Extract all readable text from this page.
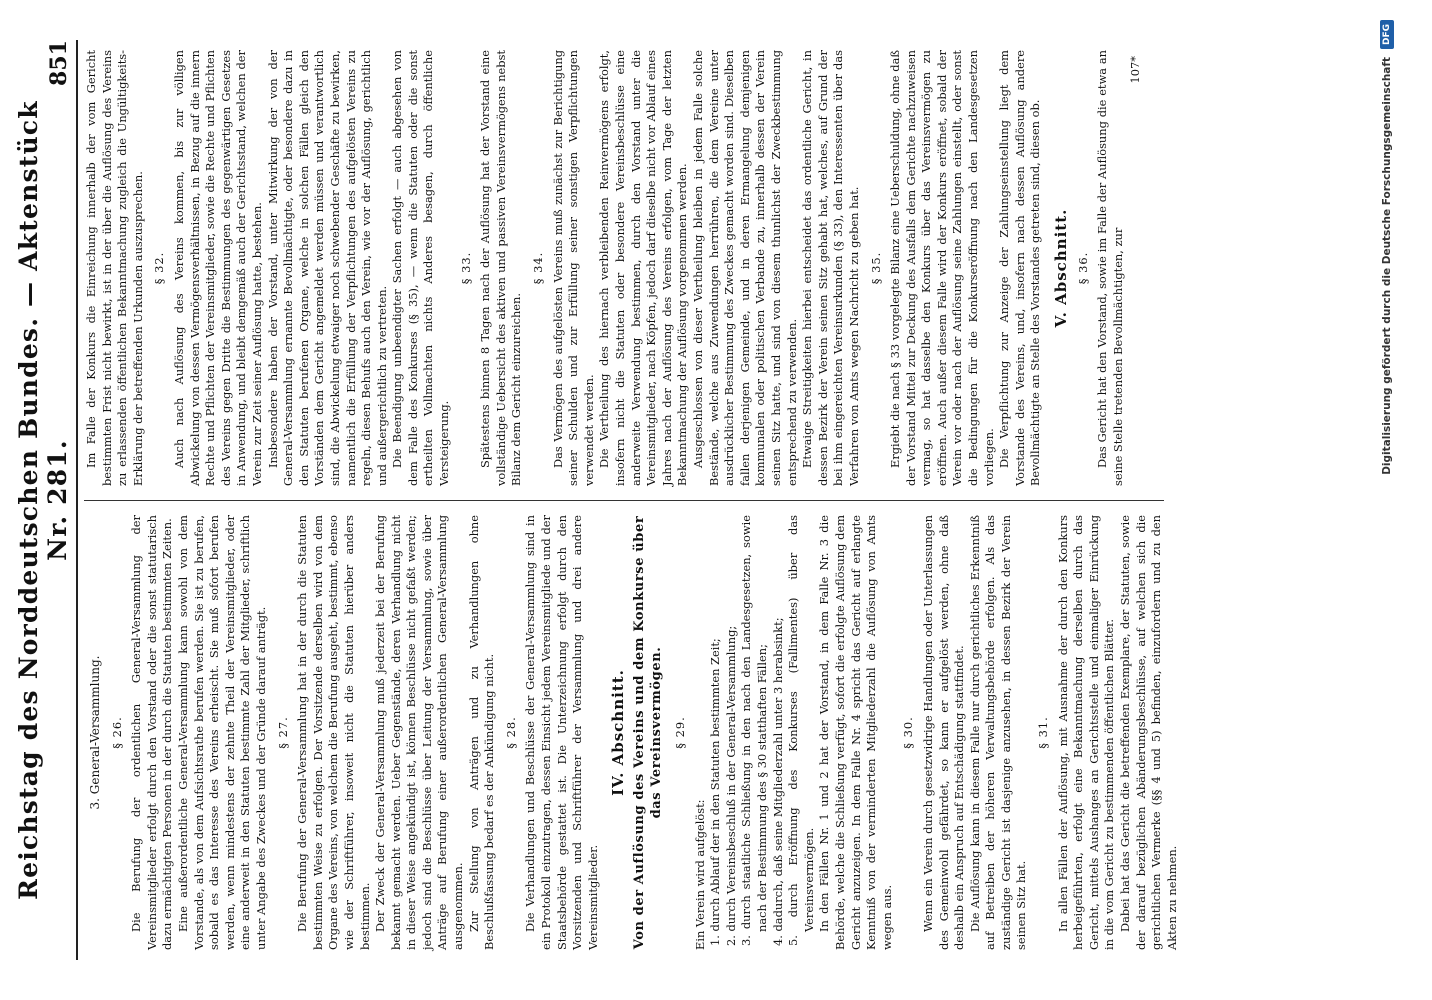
Reichstag des Norddeutschen Bundes. — Aktenstück Nr. 281.
851
3. General-Versammlung. § 26. Die Berufung der ordentlichen General-Versammlung der Vereinsmitglieder erfolgt durch den Vorstand oder die sonst statutarisch dazu ermächtigten Personen in der durch die Statuten bestimmten Zeiten. Eine außerordentliche General-Versammlung kann sowohl von dem Vorstande, als von dem Aufsichtsrathe berufen werden. Sie ist zu berufen, sobald es das Interesse des Vereins erheischt. Sie muß sofort berufen werden, wenn mindestens der zehnte Theil der Vereinsmitglieder, oder eine anderweit in den Statuten bestimmte Zahl der Mitglieder, schriftlich unter Angabe des Zweckes und der Gründe darauf anträgt. § 27. Die Berufung der General-Versammlung hat in der durch die Statuten bestimmten Weise zu erfolgen. Der Vorsitzende derselben wird von dem Organe des Vereins, von welchem die Berufung ausgeht, bestimmt, ebenso wie der Schriftführer, insoweit nicht die Statuten hierüber anders bestimmen. Der Zweck der General-Versammlung muß jederzeit bei der Berufung bekannt gemacht werden. Ueber Gegenstände, deren Verhandlung nicht in dieser Weise angekündigt ist, können Beschlüsse nicht gefaßt werden; jedoch sind die Beschlüsse über Leitung der Versammlung, sowie über Anträge auf Berufung einer außerordentlichen General-Versammlung ausgenommen. Zur Stellung von Anträgen und zu Verhandlungen ohne Beschlußfassung bedarf es der Ankündigung nicht. § 28. Die Verhandlungen und Beschlüsse der General-Versammlung sind in ein Protokoll einzutragen, dessen Einsicht jedem Vereinsmitgliede und der Staatsbehörde gestattet ist. Die Unterzeichnung erfolgt durch den Vorsitzenden und Schriftführer der Versammlung und drei andere Vereinsmitglieder.

IV. Abschnitt. Von der Auflösung des Vereins und dem Konkurse über das Vereinsvermögen. § 29.

Ein Verein wird aufgelöst: 1. durch Ablauf der in den Statuten bestimmten Zeit; 2. durch Vereinsbeschluß in der General-Versammlung; 3. durch staatliche Schließung in den nach den Landesgesetzen, sowie nach der Bestimmung des § 30 statthaften Fällen; 4. dadurch, daß seine Mitgliederzahl unter 3 herabsinkt; 5. durch Eröffnung des Konkurses (Fallimentes) über das Vereinsvermögen. In den Fällen Nr. 1 und 2 hat der Vorstand, in dem Falle Nr. 3 die Behörde, welche die Schließung verfügt, sofort die erfolgte Auflösung dem Gericht anzuzeigen. In dem Falle Nr. 4 spricht das Gericht auf erlangte Kenntniß von der verminderten Mitgliederzahl die Auflösung von Amts wegen aus.

§ 30. Wenn ein Verein durch gesetzwidrige Handlungen oder Unterlassungen des Gemeinwohl gefährdet, so kann er aufgelöst werden, ohne daß deshalb ein Anspruch auf Entschädigung stattfindet. Die Auflösung kann in diesem Falle nur durch gerichtliches Erkenntniß auf Betreiben der höheren Verwaltungsbehörde erfolgen. Als das zuständige Gericht ist dasjenige anzusehen, in dessen Bezirk der Verein seinen Sitz hat.

§ 31. In allen Fällen der Auflösung, mit Ausnahme der durch den Konkurs herbeigeführten, erfolgt eine Bekanntmachung derselben durch das Gericht, mittels Aushanges an Gerichtsstelle und einmaliger Einrückung in die vom Gericht zu bestimmenden öffentlichen Blätter. Dabei hat das Gericht die betreffenden Exemplare, der Statuten, sowie der darauf bezüglichen Abänderungsbeschlüsse, auf welchen sich die gerichtlichen Vermerke (§§ 4 und 5) befinden, einzufordern und zu den Akten zu nehmen.

Im Falle der Konkurs die Einreichung innerhalb der vom Gericht bestimmten Frist nicht bewirkt, ist in der über die Auflösung des Vereins zu erlassenden öffentlichen Bekanntmachung zugleich die Ungültigkeits-Erklärung der betreffenden Urkunden auszusprechen. § 32. Auch nach Auflösung des Vereins kommen, bis zur völligen Abwickelung von dessen Vermögensverhältnissen, in Bezug auf die innern Rechte und Pflichten der Vereinsmitglieder, sowie die Rechte und Pflichten des Vereins gegen Dritte die Bestimmungen des gegenwärtigen Gesetzes in Anwendung, und bleibt demgemäß auch der Gerichtsstand, welchen der Verein zur Zeit seiner Auflösung hatte, bestehen. Insbesondere haben der Vorstand, unter Mitwirkung der von der General-Versammlung ernannte Bevollmächtigte, oder besondere dazu in den Statuten berufenen Organe, welche in solchen Fällen gleich den Vorständen dem Gericht angemeldet werden müssen und verantwortlich sind, die Abwickelung etwaiger noch schwebender Geschäfte zu bewirken, namentlich die Erfüllung der Verpflichtungen des aufgelösten Vereins zu regeln, diesen Behufs auch den Verein, wie vor der Auflösung, gerichtlich und außergerichtlich zu vertreten. Die Beendigung unbeendigter Sachen erfolgt — auch abgesehen von dem Falle des Konkurses (§ 35), — wenn die Statuten oder die sonst ertheilten Vollmachten nichts Anderes besagen, durch öffentliche Versteigerung.

§ 33. Spätestens binnen 8 Tagen nach der Auflösung hat der Vorstand eine vollständige Uebersicht des aktiven und passiven Vereinsvermögens nebst Bilanz dem Gericht einzureichen.

§ 34. Das Vermögen des aufgelösten Vereins muß zunächst zur Berichtigung seiner Schulden und zur Erfüllung seiner sonstigen Verpflichtungen verwendet werden. Die Vertheilung des hiernach verbleibenden Reinvermögens erfolgt, insofern nicht die Statuten oder besondere Vereinsbeschlüsse eine anderweite Verwendung bestimmen, durch den Vorstand unter die Vereinsmitglieder, nach Köpfen, jedoch darf dieselbe nicht vor Ablauf eines Jahres nach der Auflösung des Vereins erfolgen, vom Tage der letzten Bekanntmachung der Auflösung vorgenommen werden. Ausgeschlossen von dieser Vertheilung bleiben in jedem Falle solche Bestände, welche aus Zuwendungen herrühren, die dem Vereine unter ausdrücklicher Bestimmung des Zweckes gemacht worden sind. Dieselben fallen derjenigen Gemeinde, und in deren Ermangelung demjenigen kommunalen oder politischen Verbande zu, innerhalb dessen der Verein seinen Sitz hatte, und sind von diesem thunlichst der Zweckbestimmung entsprechend zu verwenden. Etwaige Streitigkeiten hierbei entscheidet das ordentliche Gericht, in dessen Bezirk der Verein seinen Sitz gehabt hat, welches, auf Grund der bei ihm eingereichten Vereinsurkunden (§ 33), den Interessenten über das Verfahren von Amts wegen Nachricht zu geben hat. § 35. Ergiebt die nach § 33 vorgelegte Bilanz eine Ueberschuldung, ohne daß der Vorstand Mittel zur Deckung des Ausfalls dem Gerichte nachzuweisen vermag, so hat dasselbe den Konkurs über das Vereinsvermögen zu eröffnen. Auch außer diesem Falle wird der Konkurs eröffnet, sobald der Verein vor oder nach der Auflösung seine Zahlungen einstellt, oder sonst die Bedingungen für die Konkurseröffnung nach den Landesgesetzen vorliegen. Die Verpflichtung zur Anzeige der Zahlungseinstellung liegt dem Vorstande des Vereins, und, insofern nach dessen Auflösung andere Bevollmächtigte an Stelle des Vorstandes getreten sind, diesen ob. V. Abschnitt. § 36. Das Gericht hat den Vorstand, sowie im Falle der Auflösung die etwa an seine Stelle tretenden Bevollmächtigten, zur

107*	Digitalisierung gefördert durch die Deutsche Forschungsgemeinschaft
DFG
